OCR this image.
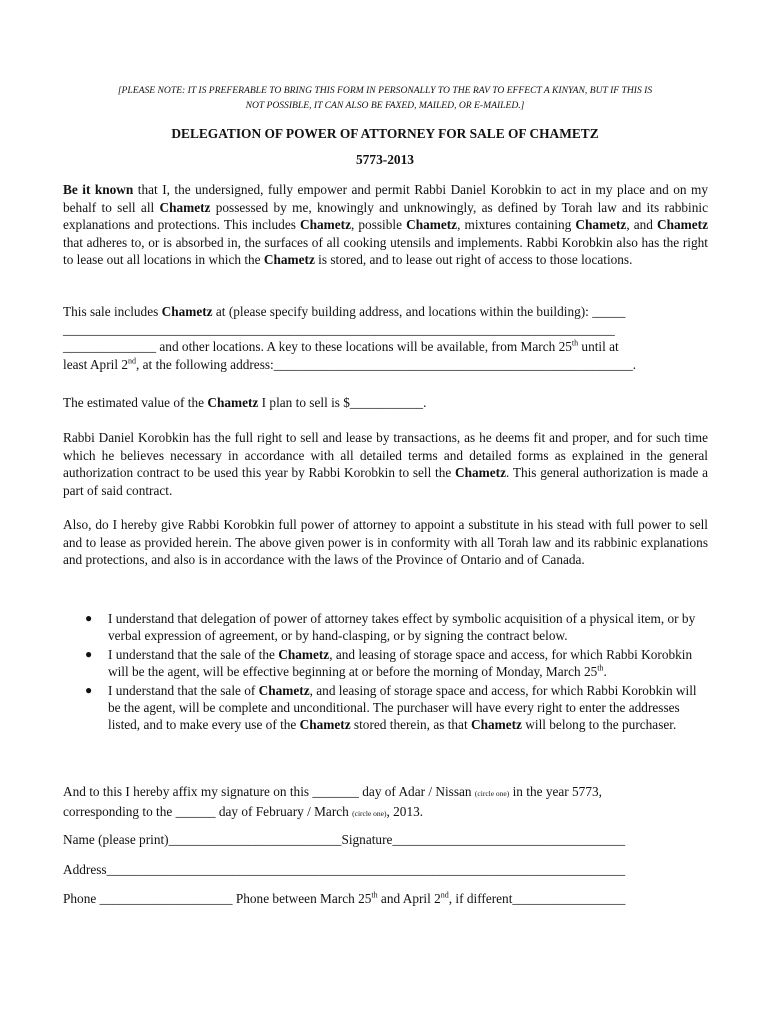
[PLEASE NOTE: IT IS PREFERABLE TO BRING THIS FORM IN PERSONALLY TO THE RAV TO EFFECT A KINYAN, BUT IF THIS IS
NOT POSSIBLE, IT CAN ALSO BE FAXED, MAILED, OR E-MAILED.]
DELEGATION OF POWER OF ATTORNEY FOR SALE OF CHAMETZ
5773-2013
Be it known that I, the undersigned, fully empower and permit Rabbi Daniel Korobkin to act in my place and on my behalf to sell all Chametz possessed by me, knowingly and unknowingly, as defined by Torah law and its rabbinic explanations and protections. This includes Chametz, possible Chametz, mixtures containing Chametz, and Chametz that adheres to, or is absorbed in, the surfaces of all cooking utensils and implements. Rabbi Korobkin also has the right to lease out all locations in which the Chametz is stored, and to lease out right of access to those locations.
This sale includes Chametz at (please specify building address, and locations within the building): _____
___________________________________________________________________________________
______________ and other locations. A key to these locations will be available, from March 25th until at
least April 2nd, at the following address:______________________________________________________.
The estimated value of the Chametz I plan to sell is $___________.
Rabbi Daniel Korobkin has the full right to sell and lease by transactions, as he deems fit and proper, and for such time which he believes necessary in accordance with all detailed terms and detailed forms as explained in the general authorization contract to be used this year by Rabbi Korobkin to sell the Chametz. This general authorization is made a part of said contract.
Also, do I hereby give Rabbi Korobkin full power of attorney to appoint a substitute in his stead with full power to sell and to lease as provided herein. The above given power is in conformity with all Torah law and its rabbinic explanations and protections, and also is in accordance with the laws of the Province of Ontario and of Canada.
● I understand that delegation of power of attorney takes effect by symbolic acquisition of a physical item, or by verbal expression of agreement, or by hand-clasping, or by signing the contract below.
● I understand that the sale of the Chametz, and leasing of storage space and access, for which Rabbi Korobkin will be the agent, will be effective beginning at or before the morning of Monday, March 25th.
● I understand that the sale of Chametz, and leasing of storage space and access, for which Rabbi Korobkin will be the agent, will be complete and unconditional. The purchaser will have every right to enter the addresses listed, and to make every use of the Chametz stored therein, as that Chametz will belong to the purchaser.
And to this I hereby affix my signature on this _______ day of Adar / Nissan (circle one) in the year 5773,
corresponding to the ______ day of February / March (circle one), 2013.
Name (please print)__________________________Signature___________________________________
Address______________________________________________________________________________
Phone ____________________ Phone between March 25th and April 2nd, if different_________________
